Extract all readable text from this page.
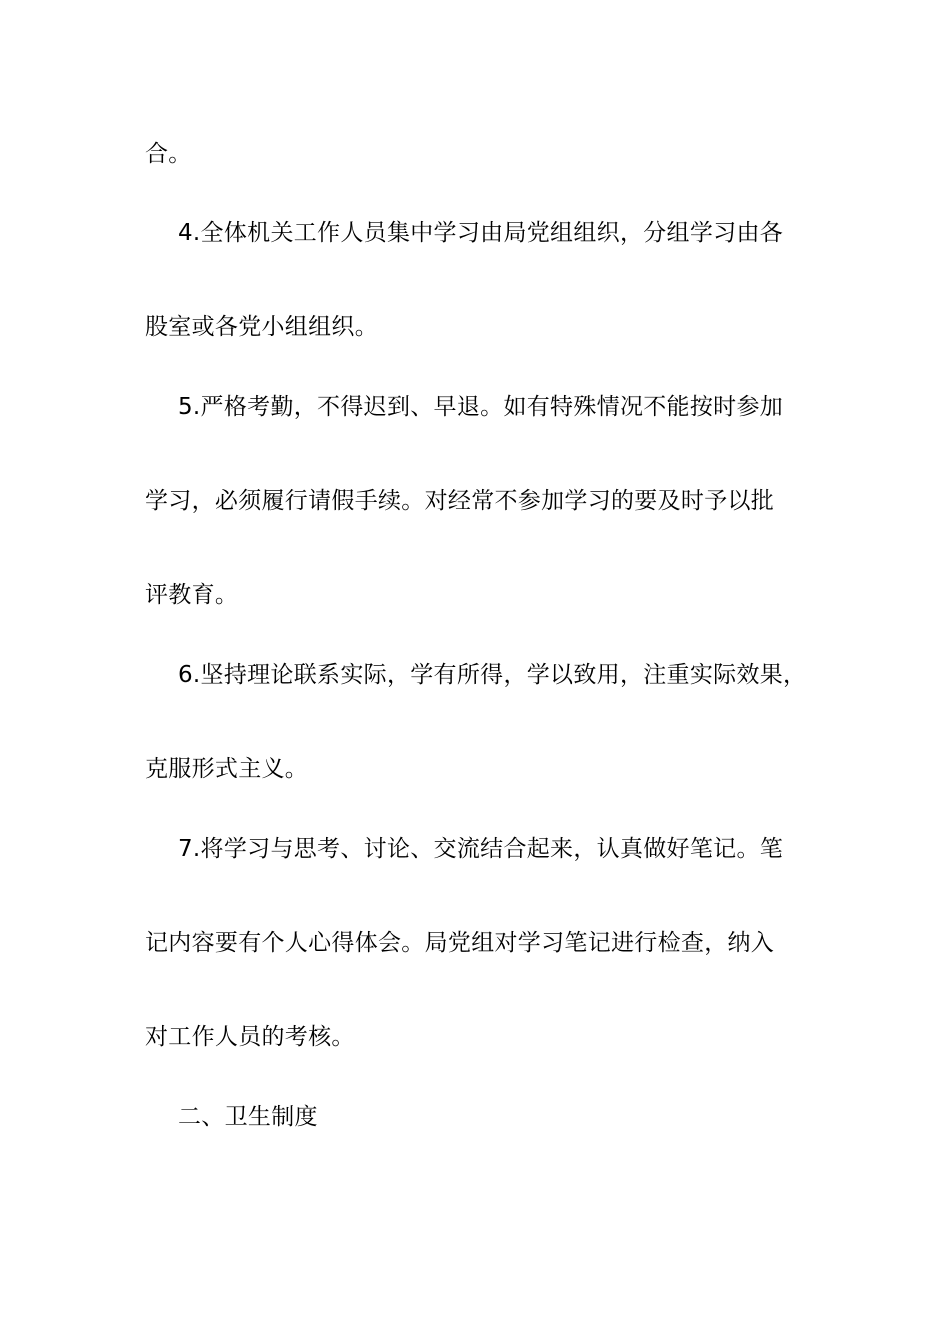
合。
4.全体机关工作人员集中学习由局党组组织，分组学习由各
股室或各党小组组织。
5.严格考勤，不得迟到、早退。如有特殊情况不能按时参加
学习，必须履行请假手续。对经常不参加学习的要及时予以批
评教育。
6.坚持理论联系实际，学有所得，学以致用，注重实际效果，
克服形式主义。
7.将学习与思考、讨论、交流结合起来，认真做好笔记。笔
记内容要有个人心得体会。局党组对学习笔记进行检查，纳入
对工作人员的考核。
二、卫生制度
